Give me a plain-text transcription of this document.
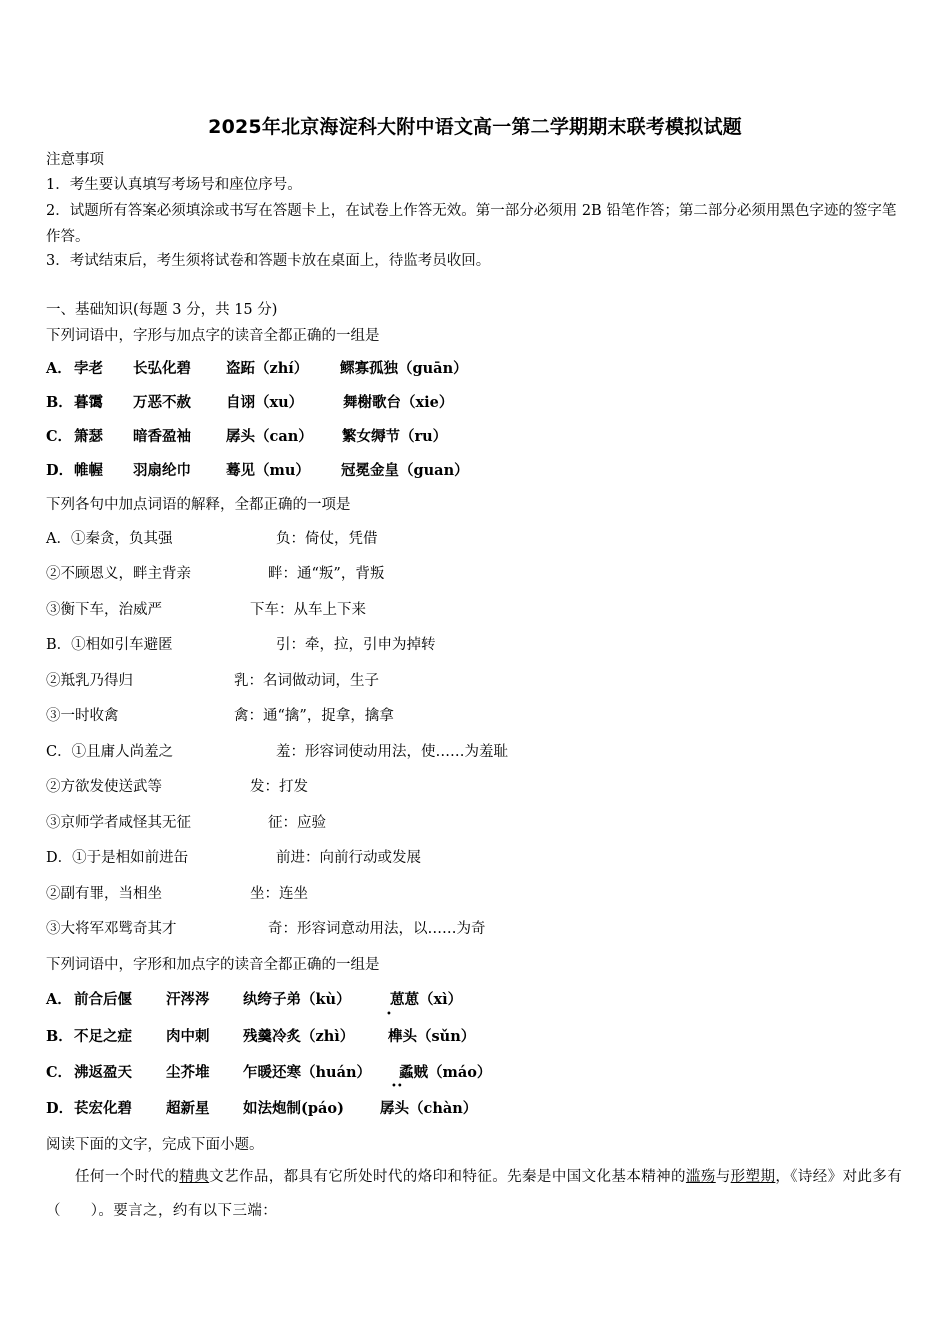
2025年北京海淀科大附中语文高一第二学期期末联考模拟试题
注意事项
1．考生要认真填写考场号和座位序号。
2．试题所有答案必须填涂或书写在答题卡上，在试卷上作答无效。第一部分必须用 2B 铅笔作答；第二部分必须用黑色字迹的签字笔作答。
3．考试结束后，考生须将试卷和答题卡放在桌面上，待监考员收回。
一、基础知识(每题 3 分，共 15 分)
下列词语中，字形与加点字的读音全都正确的一组是
A． 孛老 长弘化碧 盗跖（zhí） 鳏寡孤独（guān）
B． 暮霭 万恶不赦 自诩（xu）	舞榭歌台（xie）
C． 箫瑟 暗香盈袖 孱头（can） 繁女缛节（ru）
D． 帷幄 羽扇纶巾 蓦见（mu） 冠冕金皇（guan）
下列各句中加点词语的解释，全都正确的一项是
A．①秦贪，负其强	负：倚仗，凭借
②不顾恩义，畔主背亲	畔：通“叛”，背叛
③衡下车，治威严	下车：从车上下来
B．①相如引车避匿	引：牵，拉，引申为掉转
②羝乳乃得归	乳：名词做动词，生子
③一时收禽	禽：通“擒”，捉拿，擒拿
C．①且庸人尚羞之	羞：形容词使动用法，使……为羞耻
②方欲发使送武等	发：打发
③京师学者咸怪其无征	征：应验
D．①于是相如前进缶	前进：向前行动或发展
②副有罪，当相坐	坐：连坐
③大将军邓骘奇其才	奇：形容词意动用法，以……为奇
下列词语中，字形和加点字的读音全都正确的一组是
A． 前合后偃 汗涔涔 纨绔子弟（kù）	葸葸（xì）
B． 不足之症 肉中刺 残羹冷炙（zhì） 榫头（sǔn）
C． 沸返盈天 尘芥堆 乍暖还寒（huán） 蟊贼（máo）
D． 苌宏化碧 超新星 如法炮制(páo) 孱头（chàn）
•
••
阅读下面的文字，完成下面小题。
任何一个时代的精典文艺作品，都具有它所处时代的烙印和特征。先秦是中国文化基本精神的滥殇与形塑期，《诗经》对此多有（　　）。要言之，约有以下三端：
